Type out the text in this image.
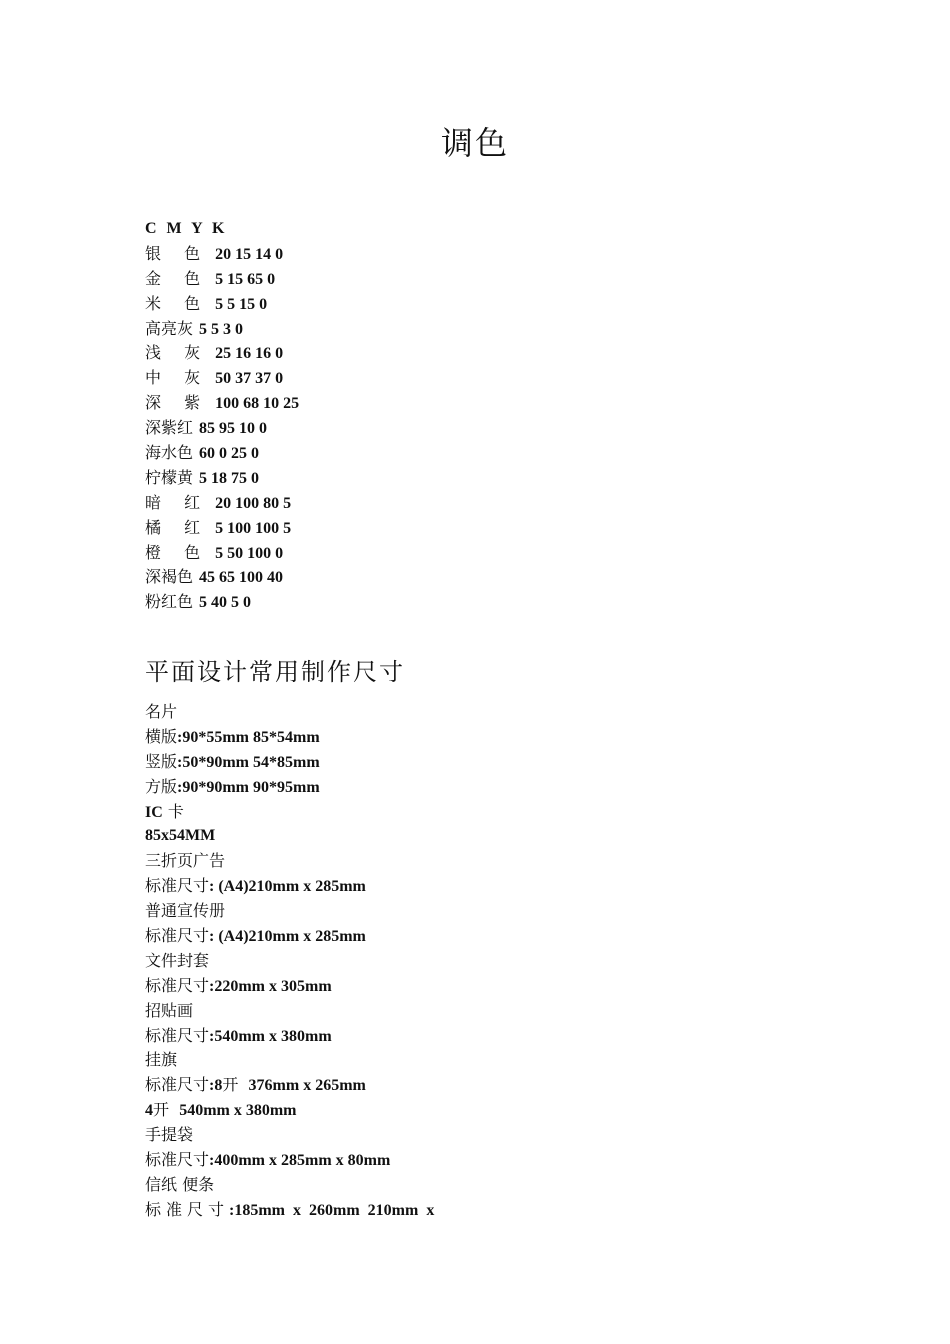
调色
C M Y K
银 色 20 15 14 0
金 色 5 15 65 0
米 色 5 5 15 0
高亮灰 5 5 3 0
浅 灰 25 16 16 0
中 灰 50 37 37 0
深 紫 100 68 10 25
深紫红 85 95 10 0
海水色 60 0 25 0
柠檬黄 5 18 75 0
暗 红 20 100 80 5
橘 红 5 100 100 5
橙 色 5 50 100 0
深褐色 45 65 100 40
粉红色 5 40 5 0
平面设计常用制作尺寸
名片
横版:90*55mm 85*54mm
竖版:50*90mm 54*85mm
方版:90*90mm 90*95mm
IC 卡
85x54MM
三折页广告
标准尺寸: (A4)210mm x 285mm
普通宣传册
标准尺寸: (A4)210mm x 285mm
文件封套
标准尺寸:220mm x 305mm
招贴画
标准尺寸:540mm x 380mm
挂旗
标准尺寸:8开 376mm x 265mm
4开 540mm x 380mm
手提袋
标准尺寸:400mm x 285mm x 80mm
信纸 便条
标准尺寸:185mm  x  260mm  210mm  x
